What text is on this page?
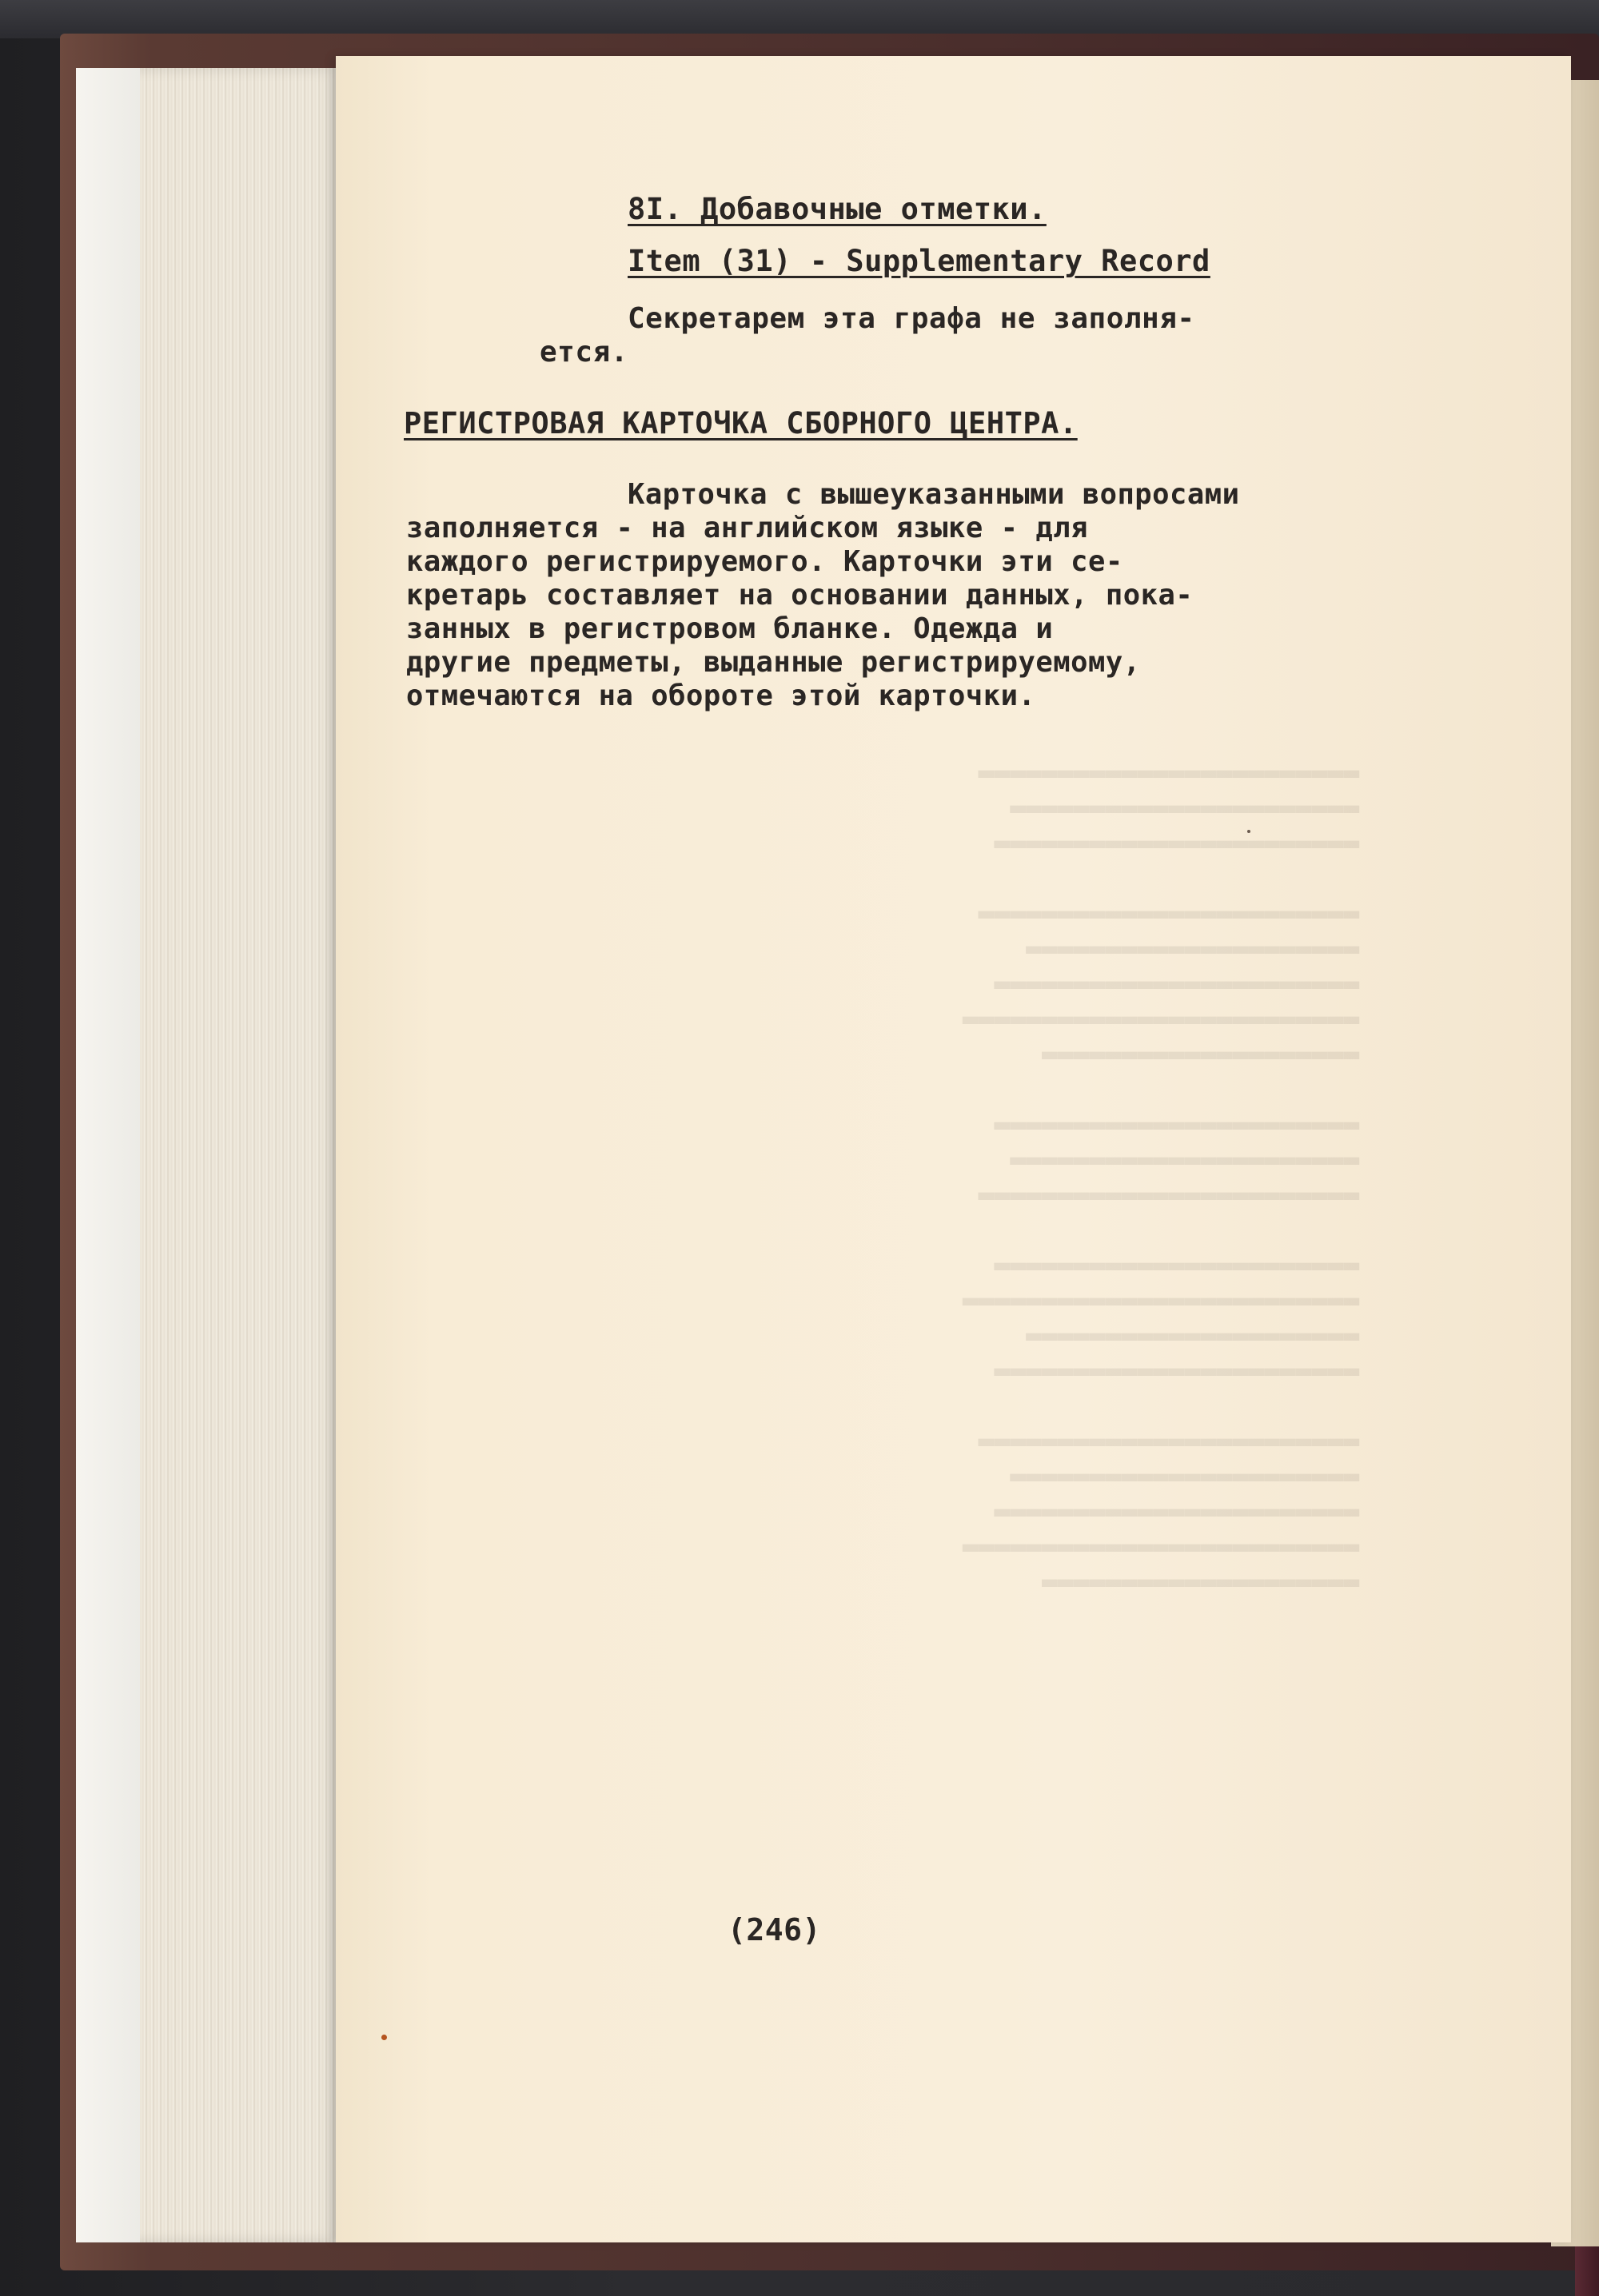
8I. Добавочные отметки.
Item (31) - Supplementary Record
Секретарем эта графа не заполня-
ется.
РЕГИСТРОВАЯ КАРТОЧКА СБОРНОГО ЦЕНТРА.
Карточка с вышеуказанными вопросами
заполняется - на английском языке - для
каждого регистрируемого. Карточки эти се-
кретарь составляет на основании данных, пока-
занных в регистровом бланке. Одежда и
другие предметы, выданные регистрируемому,
отмечаются на обороте этой карточки.
(246)
